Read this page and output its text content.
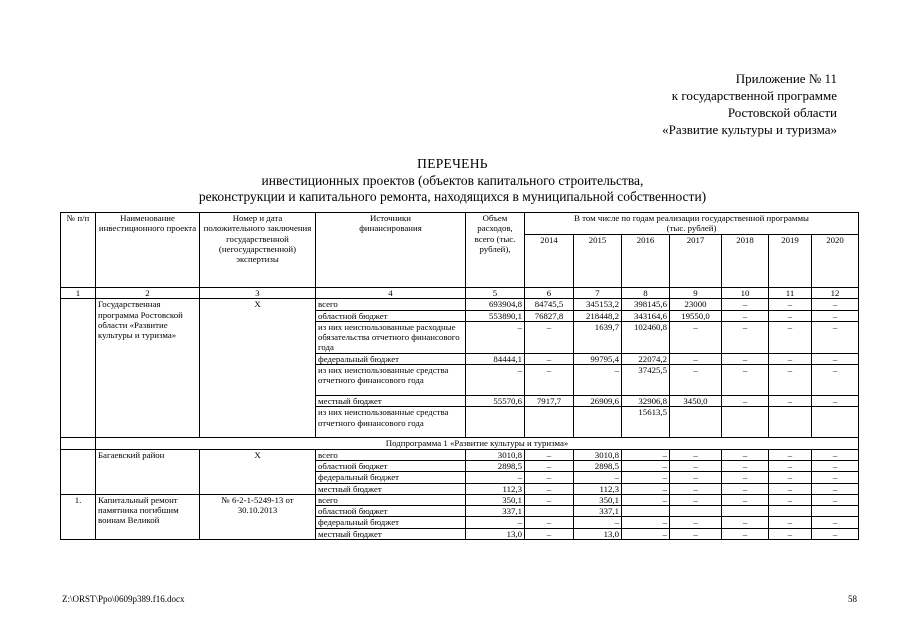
Приложение № 11
к государственной программе
Ростовской области
«Развитие культуры и туризма»
ПЕРЕЧЕНЬ
инвестиционных проектов (объектов капитального строительства,
реконструкции и капитального ремонта, находящихся в муниципальной собственности)
№ п/п	Наименование инвестиционного проекта	Номер и дата положительного заключения государственной (негосударственной) экспертизы	Источники финансирования	Объем расходов, всего (тыс. рублей),	В том числе по годам реализации государственной программы (тыс. рублей)						
					2014	2015	2016	2017	2018	2019	2020
1	2	3	4	5	6	7	8	9	10	11	12
	Государственная программа Ростовской области «Развитие культуры и туризма»	Х	всего	693904,8	84745,5	345153,2	398145,6	23000	–	–	–
			областной бюджет	553890,1	76827,8	218448,2	343164,6	19550,0	–	–	–
			из них неиспользованные расходные обязательства отчетного финансового года	–	–	1639,7	102460,8	–	–	–	–
			федеральный бюджет	84444,1	–	99795,4	22074,2	–	–	–	–
			из них неиспользованные средства отчетного финансового года	–	–	–	37425,5	–	–	–	–
			местный бюджет	55570,6	7917,7	26909,6	32906,8	3450,0	–	–	–
			из них неиспользованные средства отчетного финансового года				15613,5				
	Подпрограмма 1 «Развитие культуры и туризма»										
	Багаевский район	Х	всего	3010,8	–	3010,8	–	–	–	–	–
			областной бюджет	2898,5	–	2898,5	–	–	–	–	–
			федеральный бюджет	–	–	–	–	–	–	–	–
			местный бюджет	112,3	–	112,3	–	–	–	–	–
1.	Капитальный ремонт памятника погибшим воинам Великой	№ 6-2-1-5249-13 от 30.10.2013	всего	350,1	–	350,1	–	–	–	–	–
			областной бюджет	337,1		337,1					
			федеральный бюджет	–	–	–	–	–	–	–	–
			местный бюджет	13,0	–	13,0	–	–	–	–	–
Z:\ORST\Ppo\0609p389.f16.docx	58
